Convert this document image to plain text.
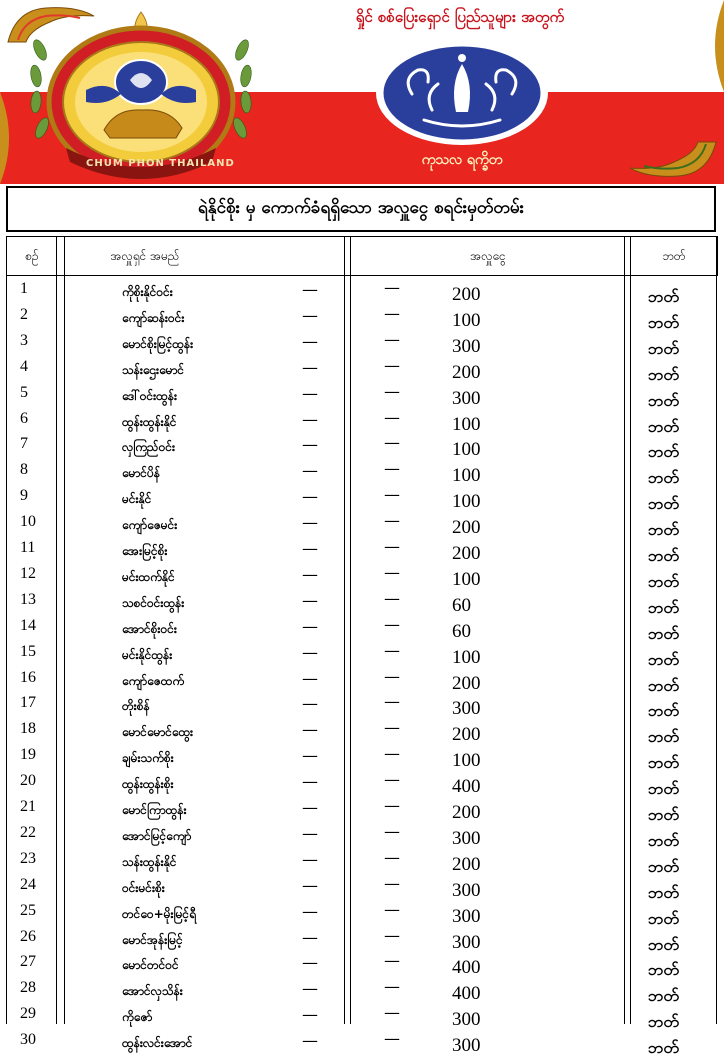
ရှိုင် စစ်ပြေးရှောင် ပြည်သူများ အတွက်
CHUM PHON THAILAND	ကုသလ ရက္ခိတ
ရဲနိုင်စိုး မှ ကောက်ခံရရှိသော အလှူငွေ စရင်းမှတ်တမ်း
စဉ်	အလှူရှင် အမည်	အလှူငွေ	ဘတ်
1	ကိုစိုးနိုင်ဝင်း	—	—	200	ဘတ်
2	ကျော်ဆန်းဝင်း	—	—	100	ဘတ်
3	မောင်စိုးမြင့်ထွန်း	—	—	300	ဘတ်
4	သန်းဌေးမောင်	—	—	200	ဘတ်
5	ဒေါ်ဝင်းထွန်း	—	—	300	ဘတ်
6	ထွန်းထွန်းနိုင်	—	—	100	ဘတ်
7	လှကြည်ဝင်း	—	—	100	ဘတ်
8	မောင်ပိန်	—	—	100	ဘတ်
9	မင်းနိုင်	—	—	100	ဘတ်
10	ကျော်ဇေမင်း	—	—	200	ဘတ်
11	အေးမြင့်စိုး	—	—	200	ဘတ်
12	မင်းထက်နိုင်	—	—	100	ဘတ်
13	သစင်ဝင်းထွန်း	—	—	60	ဘတ်
14	အောင်စိုးဝင်း	—	—	60	ဘတ်
15	မင်းနိုင်ထွန်း	—	—	100	ဘတ်
16	ကျော်ဇေထက်	—	—	200	ဘတ်
17	တိုးစိန်	—	—	300	ဘတ်
18	မောင်မောင်ထွေး	—	—	200	ဘတ်
19	ချမ်းသက်စိုး	—	—	100	ဘတ်
20	ထွန်းထွန်းစိုး	—	—	400	ဘတ်
21	မောင်ကြာထွန်း	—	—	200	ဘတ်
22	အောင်မြင့်ကျော်	—	—	300	ဘတ်
23	သန်းထွန်းနိုင်	—	—	200	ဘတ်
24	ဝင်းမင်းစိုး	—	—	300	ဘတ်
25	တင်ဝေ+မိုးမြင့်ရီ	—	—	300	ဘတ်
26	မောင်အုန်းမြင့်	—	—	300	ဘတ်
27	မောင်တင်ဝင်	—	—	400	ဘတ်
28	အောင်လှသိန်း	—	—	400	ဘတ်
29	ကိုဇော်	—	—	300	ဘတ်
30	ထွန်းလင်းအောင်	—	—	300	ဘတ်
